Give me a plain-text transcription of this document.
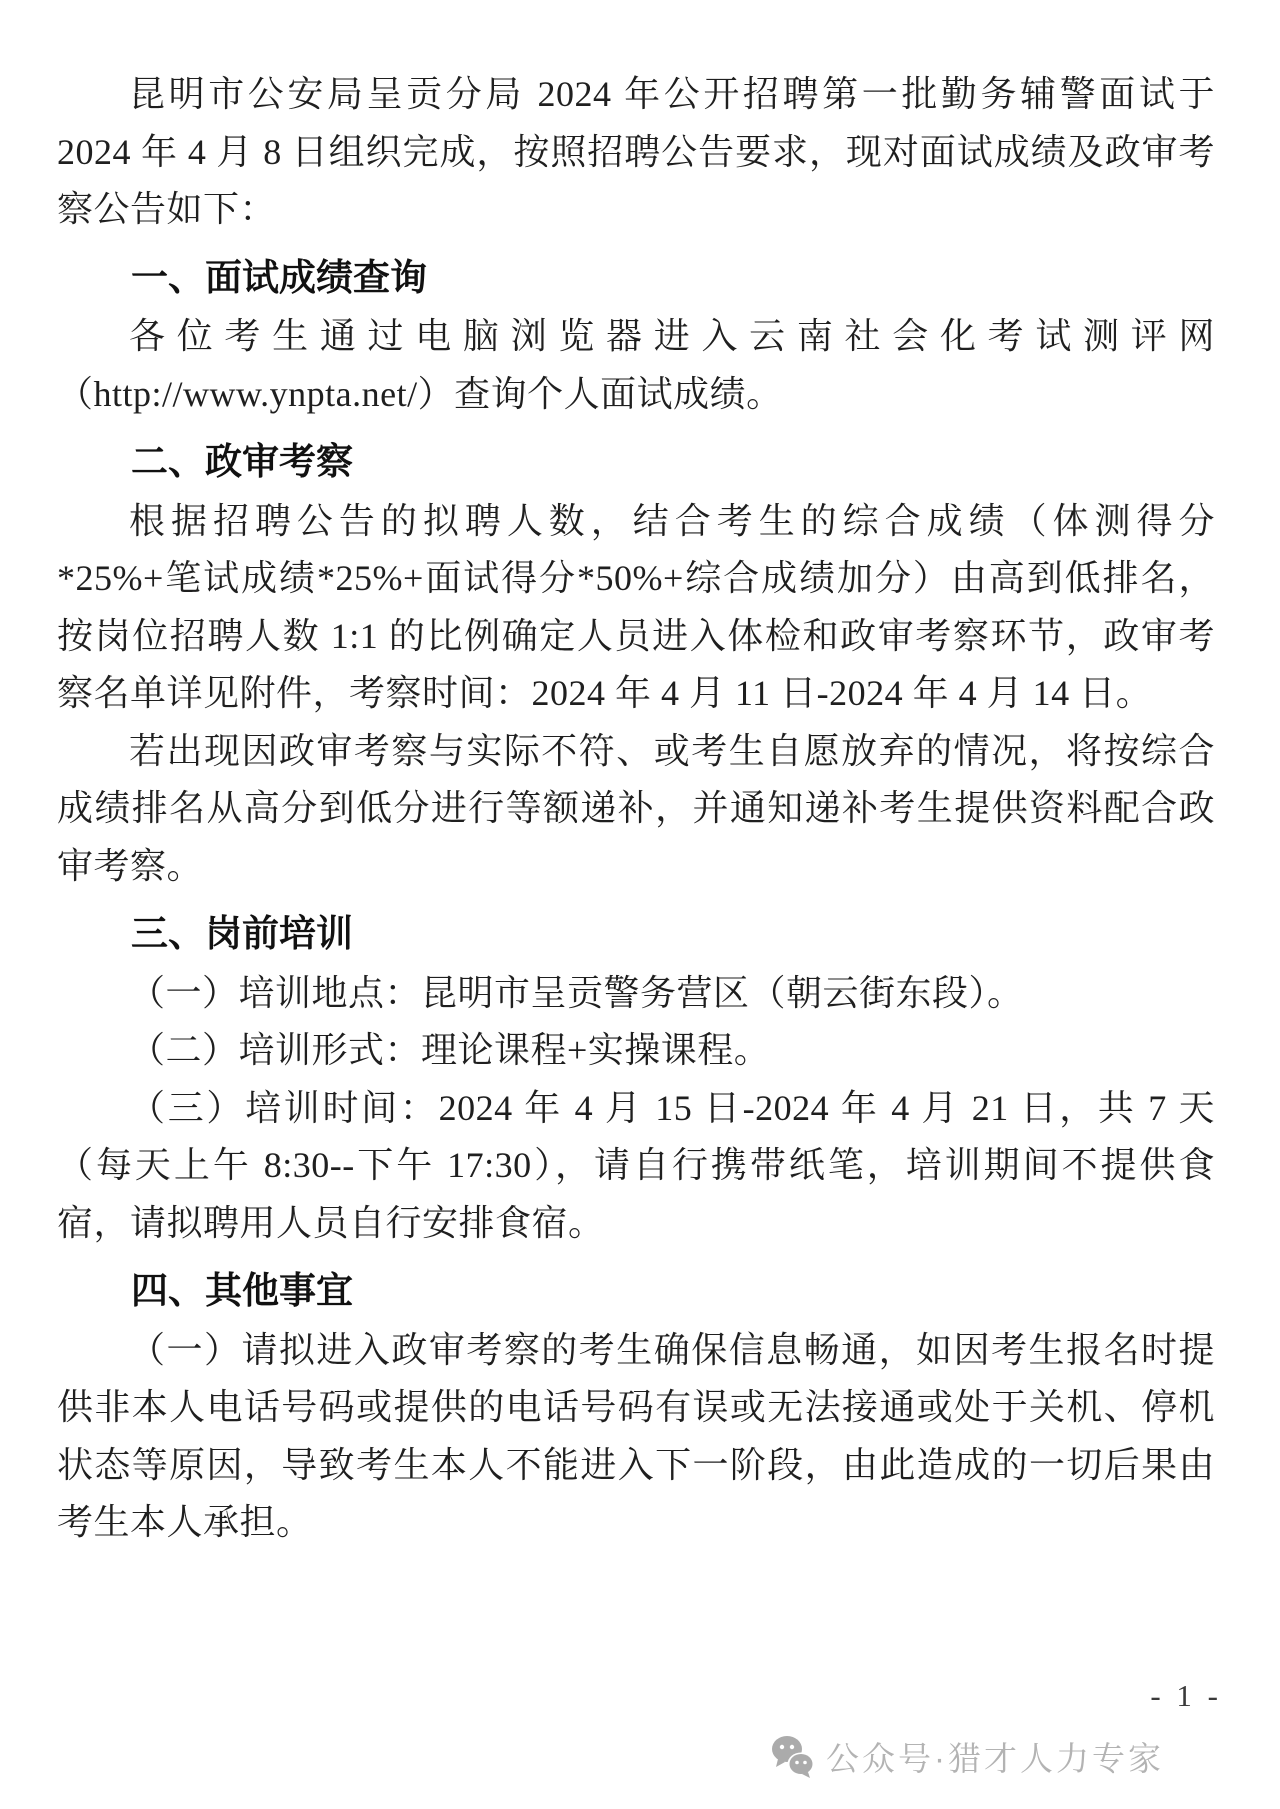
昆明市公安局呈贡分局 2024 年公开招聘第一批勤务辅警面试于 2024 年 4 月 8 日组织完成，按照招聘公告要求，现对面试成绩及政审考察公告如下：

一、面试成绩查询

各位考生通过电脑浏览器进入云南社会化考试测评网（http://www.ynpta.net/）查询个人面试成绩。

二、政审考察

根据招聘公告的拟聘人数，结合考生的综合成绩（体测得分*25%+笔试成绩*25%+面试得分*50%+综合成绩加分）由高到低排名，按岗位招聘人数 1:1 的比例确定人员进入体检和政审考察环节，政审考察名单详见附件，考察时间：2024 年 4 月 11 日-2024 年 4 月 14 日。

若出现因政审考察与实际不符、或考生自愿放弃的情况，将按综合成绩排名从高分到低分进行等额递补，并通知递补考生提供资料配合政审考察。

三、岗前培训

（一）培训地点：昆明市呈贡警务营区（朝云街东段）。

（二）培训形式：理论课程+实操课程。

（三）培训时间：2024 年 4 月 15 日-2024 年 4 月 21 日，共 7 天（每天上午 8:30--下午 17:30），请自行携带纸笔，培训期间不提供食宿，请拟聘用人员自行安排食宿。

四、其他事宜

（一）请拟进入政审考察的考生确保信息畅通，如因考生报名时提供非本人电话号码或提供的电话号码有误或无法接通或处于关机、停机状态等原因，导致考生本人不能进入下一阶段，由此造成的一切后果由考生本人承担。

- 1 -
公众号·猎才人力专家
